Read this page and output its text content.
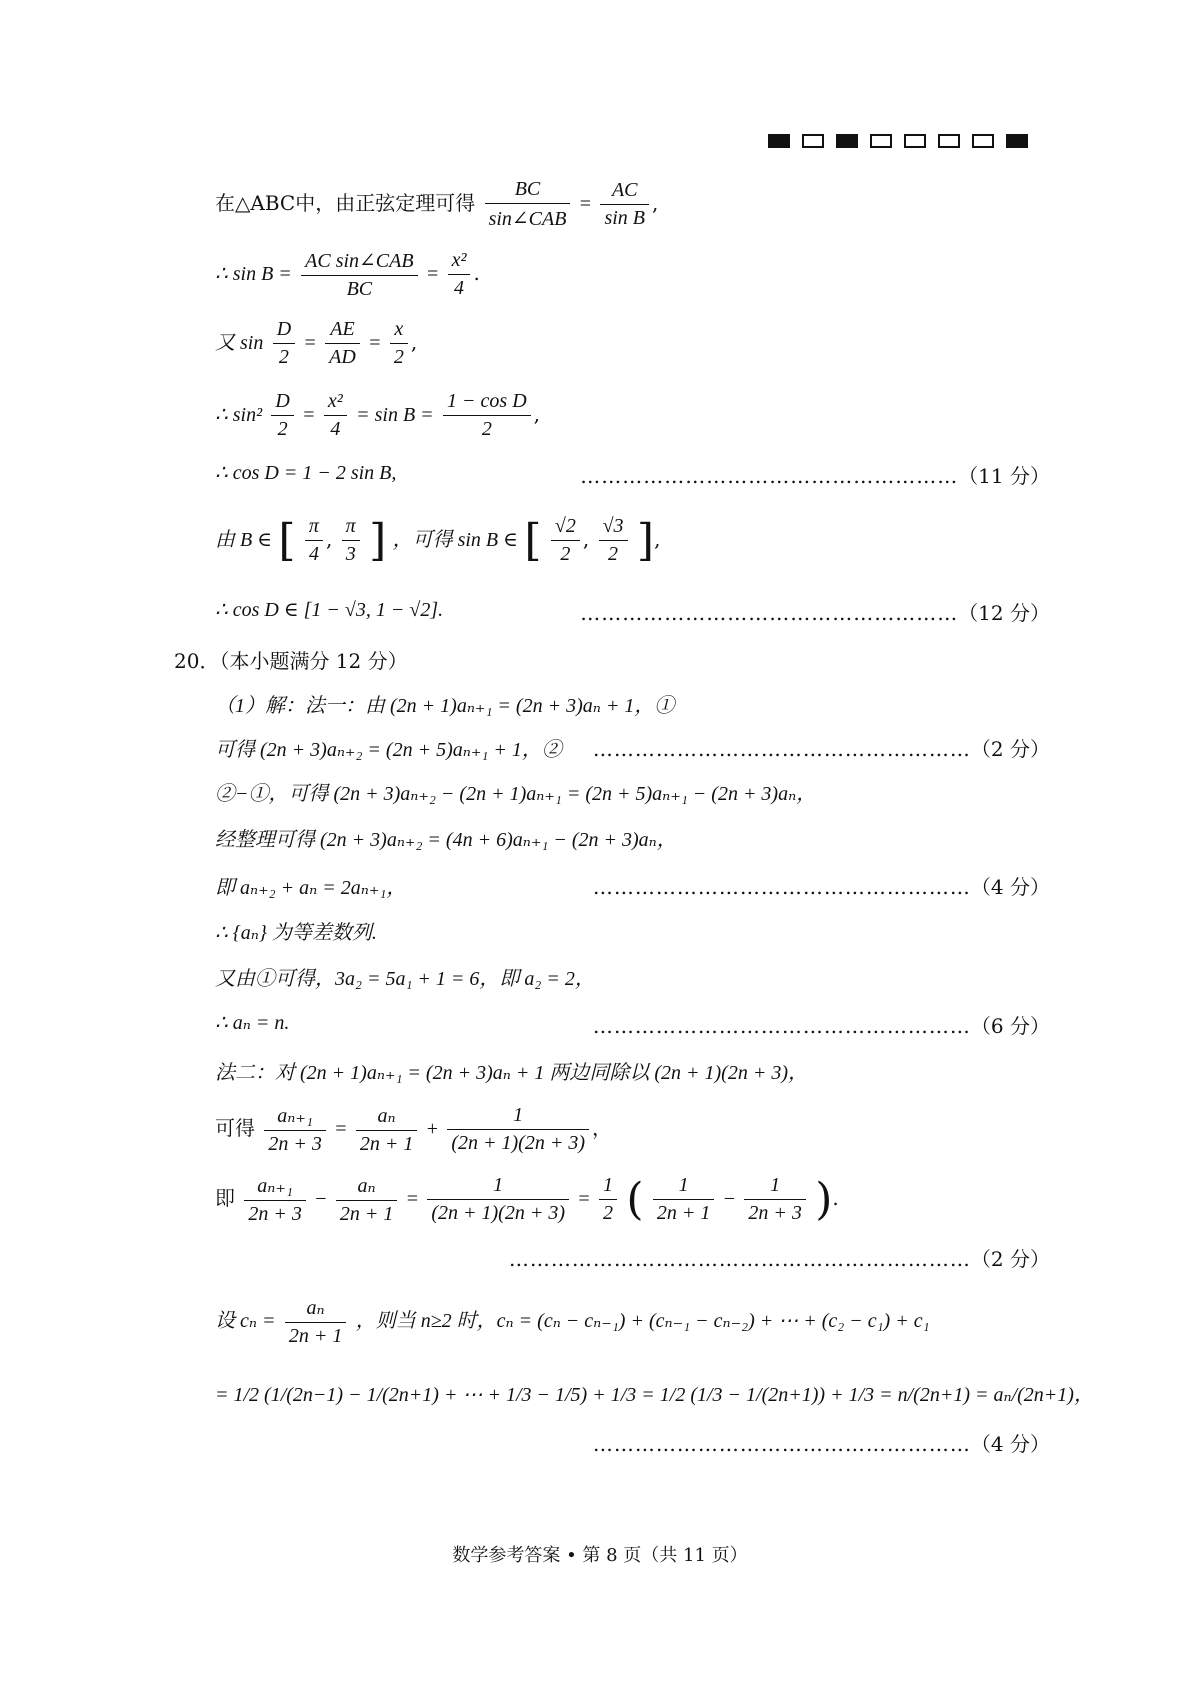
在△ABC中，由正弦定理可得 $\frac{BC}{\text{sin∠CAB}} = \frac{AC}{\text{sin B}}$ ,
∴ $\sin B = \frac{\text{AC sin∠CAB}}{BC} = \frac{\text{x²}}{4}$ .
又 $\sin \frac{D}{2} = \frac{AE}{AD} = \frac{x}{2}$ ,
∴ $\sin^2 \frac{D}{2} = \frac{\text{x²}}{4} = \sin B = \frac{\text{1 − cos D}}{2}$ ,
∴ cos D = 1 − 2 sin B,	………………………………………………（11 分）
由 B ∈ [ $\frac{\pi}{4}$ , $\frac{\pi}{3}$ ] ，可得 sin B ∈ [ $\frac{√2}{2}$ , $\frac{√3}{2}$ ],
∴ cos D ∈ [1 − √3, 1 − √2].	………………………………………………（12 分）
20．（本小题满分 12 分）
（1）解：法一：由 (2n + 1)aₙ₊₁ = (2n + 3)aₙ + 1，①
可得 (2n + 3)aₙ₊₂ = (2n + 5)aₙ₊₁ + 1，② ………………………………………………（2 分）
②−①，可得 (2n + 3)aₙ₊₂ − (2n + 1)aₙ₊₁ = (2n + 5)aₙ₊₁ − (2n + 3)aₙ，
经整理可得 (2n + 3)aₙ₊₂ = (4n + 6)aₙ₊₁ − (2n + 3)aₙ，
即 aₙ₊₂ + aₙ = 2aₙ₊₁，	………………………………………………（4 分）
∴ {aₙ} 为等差数列.
又由①可得，3a₂ = 5a₁ + 1 = 6，即 a₂ = 2，
∴ aₙ = n.	………………………………………………（6 分）
法二：对 (2n + 1)aₙ₊₁ = (2n + 3)aₙ + 1 两边同除以 (2n + 1)(2n + 3)，
可得 $\frac{\text{aₙ₊₁}}{2n + 3} = \frac{\text{aₙ}}{2n + 1} + \frac{1}{(2n + 1)(2n + 3)}$ ，
即 $\frac{\text{aₙ₊₁}}{2n + 3} - \frac{\text{aₙ}}{2n + 1} = \frac{1}{(2n + 1)(2n + 3)} = \frac{1}{2}$ ( $\frac{1}{2n + 1} - \frac{1}{2n + 3}$ ).
…………………………………………………………（2 分）
设 $c_n = \frac{\text{aₙ}}{2n + 1}$ ，则当 n≥2 时，cₙ = (cₙ − cₙ₋₁) + (cₙ₋₁ − cₙ₋₂) + ⋯ + (c₂ − c₁) + c₁
= 1/2 (1/(2n−1) − 1/(2n+1) + ⋯ + 1/3 − 1/5) + 1/3 = 1/2 (1/3 − 1/(2n+1)) + 1/3 = n/(2n+1) = aₙ/(2n+1)，
………………………………………………（4 分）
数学参考答案 • 第 8 页（共 11 页）
